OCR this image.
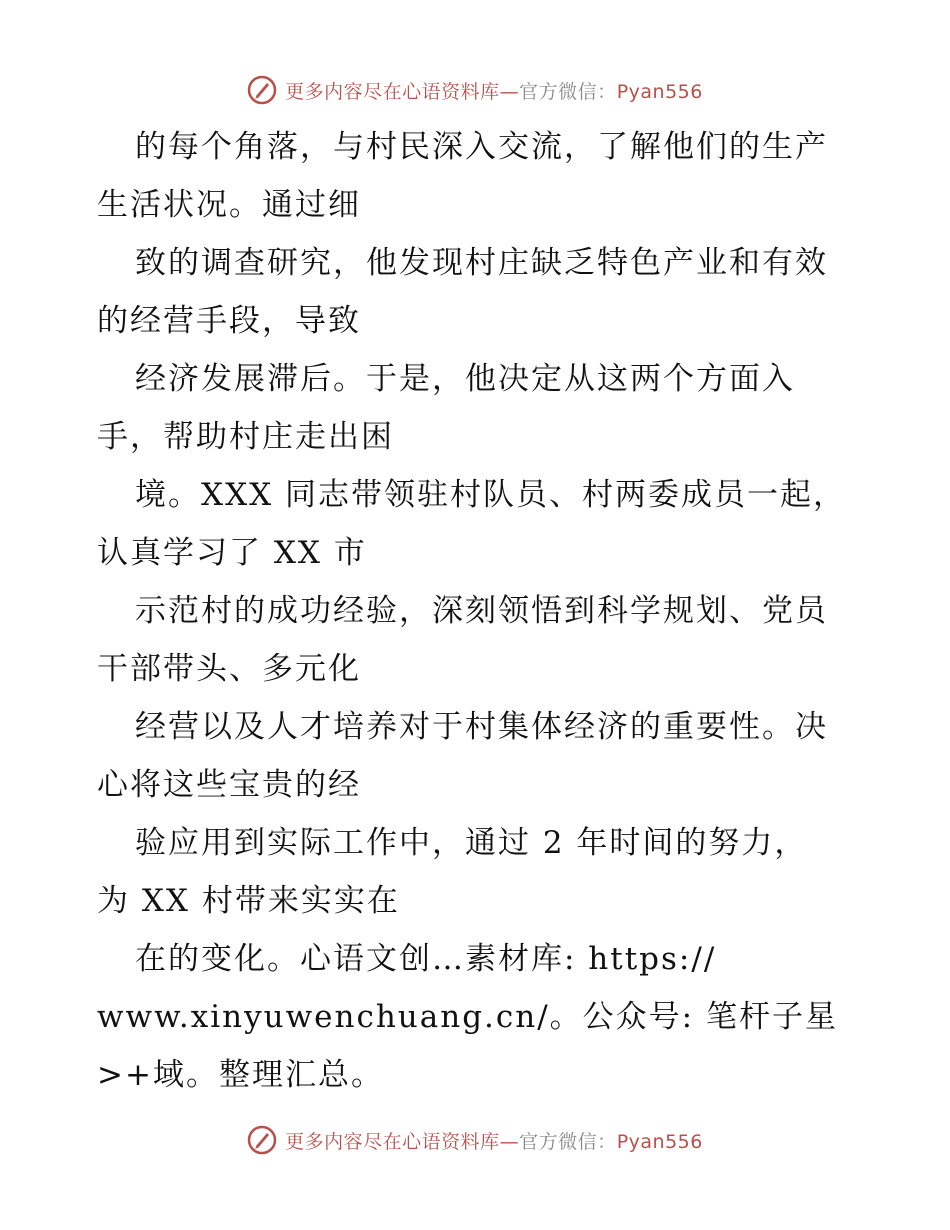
更多内容尽在心语资料库—官方微信：Pyan556
的每个角落，与村民深入交流，了解他们的生产
生活状况。通过细
致的调查研究，他发现村庄缺乏特色产业和有效
的经营手段，导致
经济发展滞后。于是，他决定从这两个方面入
手，帮助村庄走出困
境。XXX 同志带领驻村队员、村两委成员一起，
认真学习了 XX 市
示范村的成功经验，深刻领悟到科学规划、党员
干部带头、多元化
经营以及人才培养对于村集体经济的重要性。决
心将这些宝贵的经
验应用到实际工作中，通过 2 年时间的努力，
为 XX 村带来实实在
在的变化。心语文创…素材库: https://
www.xinyuwenchuang.cn/。公众号: 笔杆子星
>+域。整理汇总。
更多内容尽在心语资料库—官方微信：Pyan556
